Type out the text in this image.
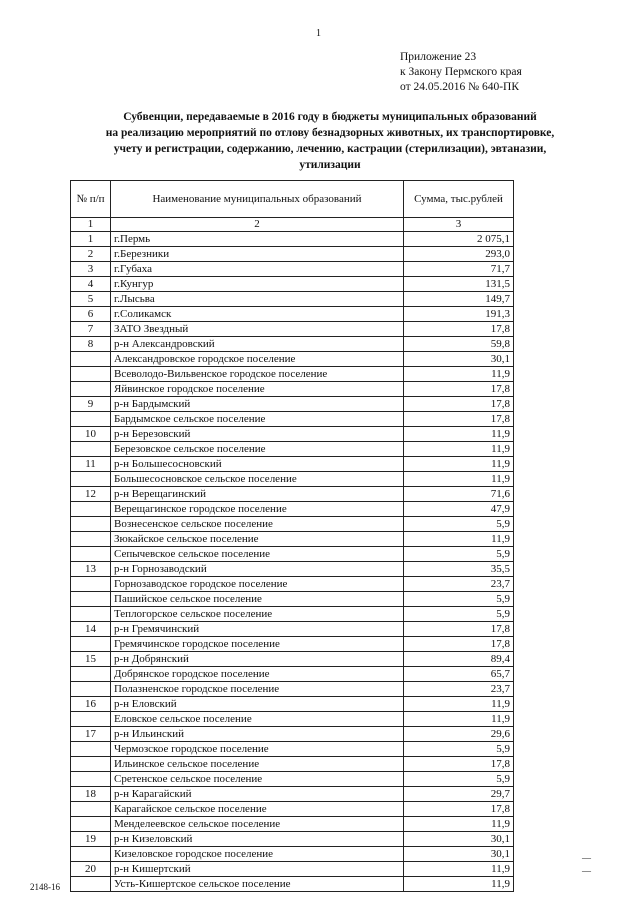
1
Приложение 23
к Закону Пермского края
от 24.05.2016 № 640-ПК
Субвенции, передаваемые в 2016 году в бюджеты муниципальных образований
на реализацию мероприятий по отлову безнадзорных животных, их транспортировке,
учету и регистрации, содержанию, лечению, кастрации (стерилизации), эвтаназии,
утилизации
№ п/п	Наименование муниципальных образований	Сумма, тыс.рублей
1	2	3
1	г.Пермь	2 075,1
2	г.Березники	293,0
3	г.Губаха	71,7
4	г.Кунгур	131,5
5	г.Лысьва	149,7
6	г.Соликамск	191,3
7	ЗАТО Звездный	17,8
8	р-н Александровский	59,8
	Александровское городское поселение	30,1
	Всеволодо-Вильвенское городское поселение	11,9
	Яйвинское городское поселение	17,8
9	р-н Бардымский	17,8
	Бардымское сельское поселение	17,8
10	р-н Березовский	11,9
	Березовское сельское поселение	11,9
11	р-н Большесосновский	11,9
	Большесосновское сельское поселение	11,9
12	р-н Верещагинский	71,6
	Верещагинское городское поселение	47,9
	Вознесенское сельское поселение	5,9
	Зюкайское сельское поселение	11,9
	Сепычевское сельское поселение	5,9
13	р-н Горнозаводский	35,5
	Горнозаводское городское поселение	23,7
	Пашийское сельское поселение	5,9
	Теплогорское сельское поселение	5,9
14	р-н Гремячинский	17,8
	Гремячинское городское поселение	17,8
15	р-н Добрянский	89,4
	Добрянское городское поселение	65,7
	Полазненское городское поселение	23,7
16	р-н Еловский	11,9
	Еловское сельское поселение	11,9
17	р-н Ильинский	29,6
	Чермозское городское поселение	5,9
	Ильинское сельское поселение	17,8
	Сретенское сельское поселение	5,9
18	р-н Карагайский	29,7
	Карагайское сельское поселение	17,8
	Менделеевское сельское поселение	11,9
19	р-н Кизеловский	30,1
	Кизеловское городское поселение	30,1
20	р-н Кишертский	11,9
	Усть-Кишертское сельское поселение	11,9
2148-16
—
—
